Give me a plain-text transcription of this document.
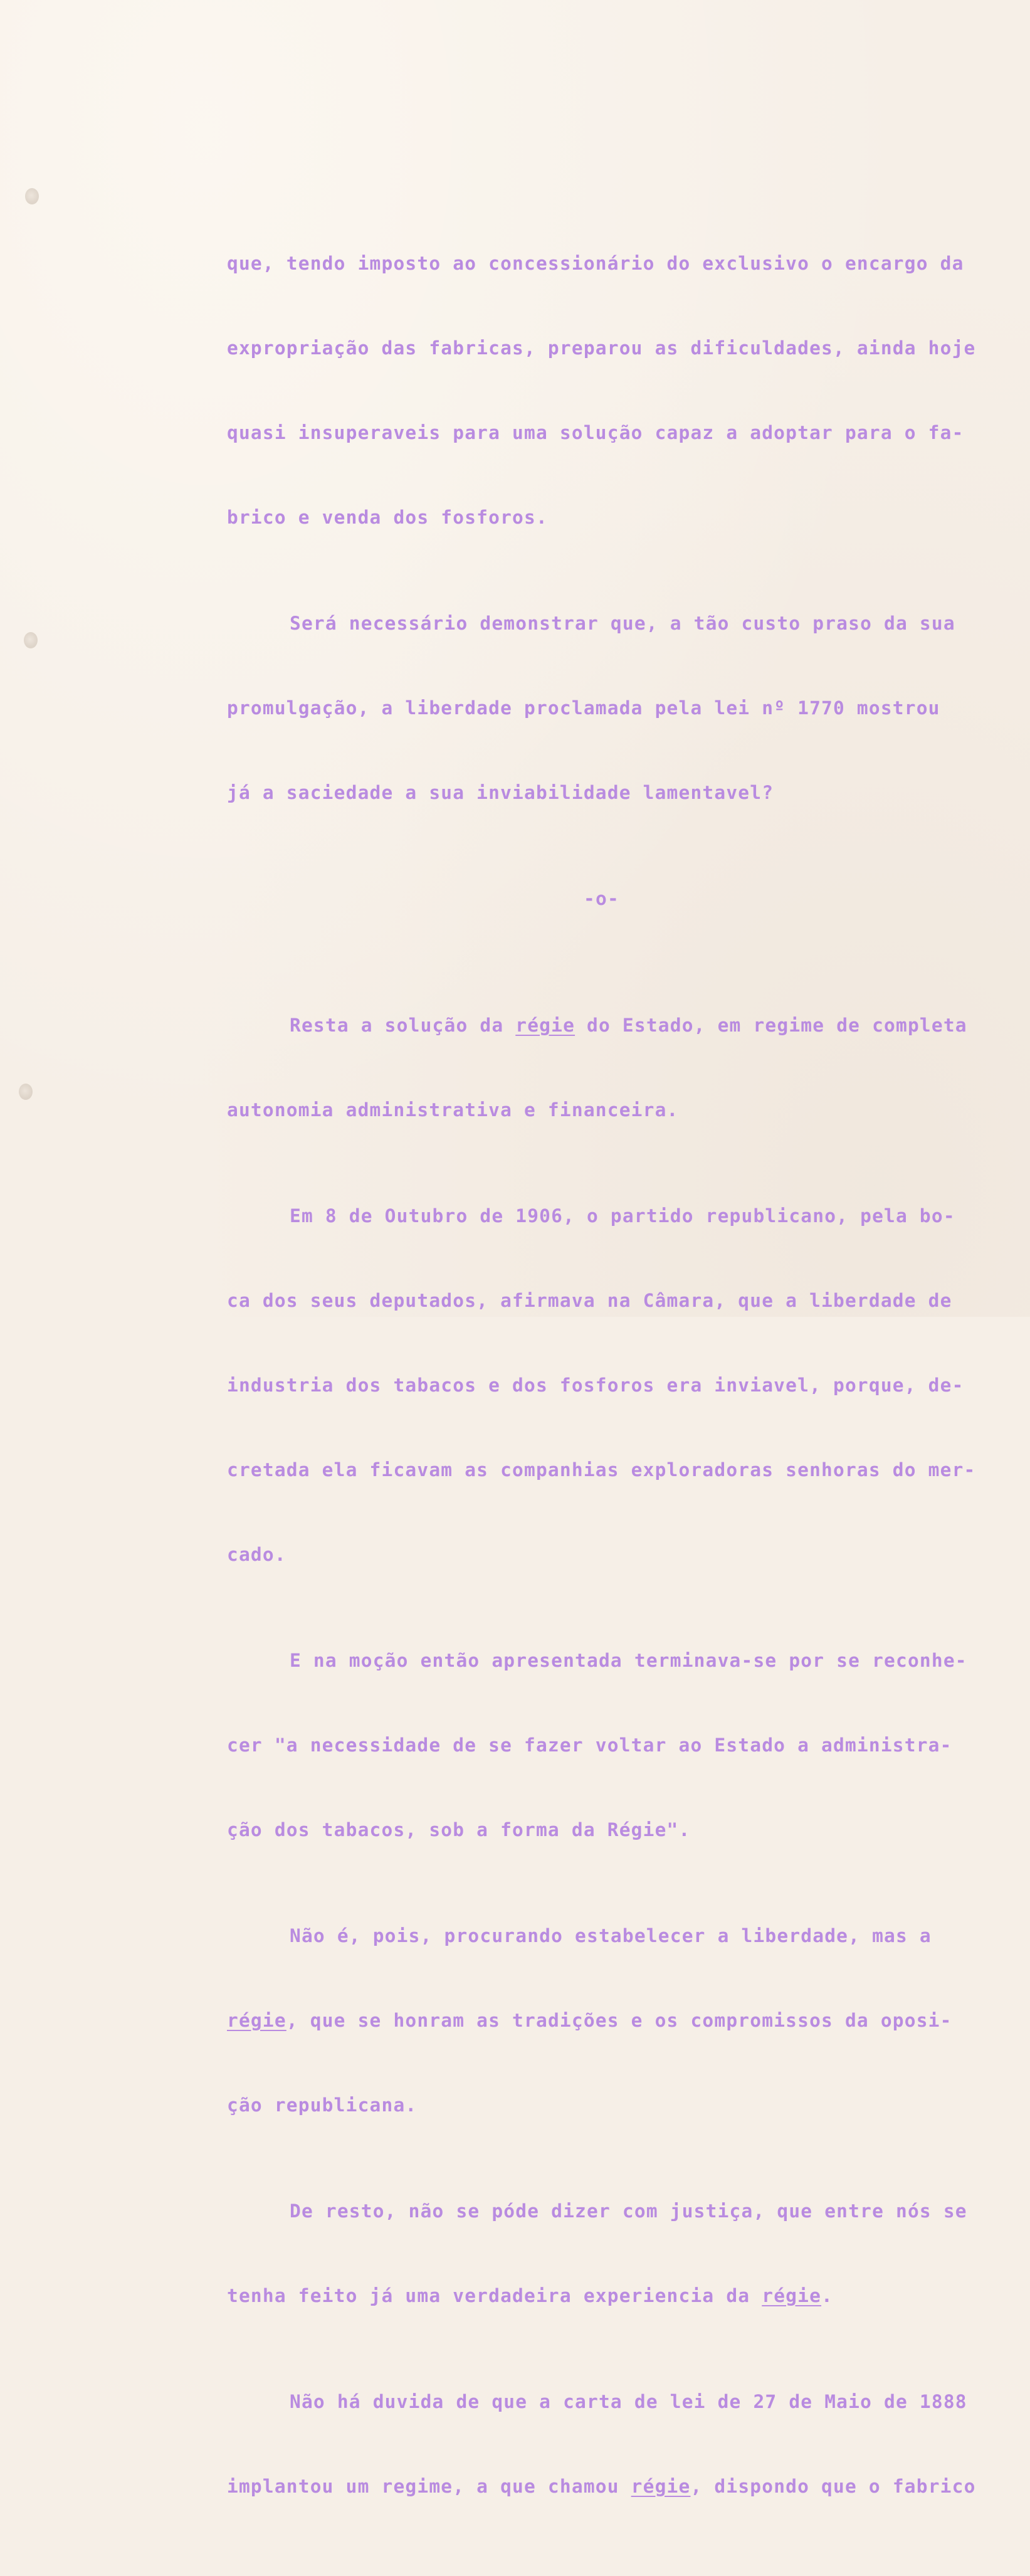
que, tendo imposto ao concessionário do exclusivo o encargo da

expropriação das fabricas, preparou as dificuldades, ainda hoje

quasi insuperaveis para uma solução capaz a adoptar para o fa-

brico e venda dos fosforos.

Será necessário demonstrar que, a tão custo praso da sua

promulgação, a liberdade proclamada pela lei nº 1770 mostrou

já a saciedade a sua inviabilidade lamentavel?

-o-

Resta a solução da régie do Estado, em regime de completa

autonomia administrativa e financeira.

Em 8 de Outubro de 1906, o partido republicano, pela bo-

ca dos seus deputados, afirmava na Câmara, que a liberdade de

industria dos tabacos e dos fosforos era inviavel, porque, de-

cretada ela ficavam as companhias exploradoras senhoras do mer-

cado.

E na moção então apresentada terminava-se por se reconhe-

cer "a necessidade de se fazer voltar ao Estado a administra-

ção dos tabacos, sob a forma da Régie".

Não é, pois, procurando estabelecer a liberdade, mas a

régie, que se honram as tradições e os compromissos da oposi-

ção republicana.

De resto, não se póde dizer com justiça, que entre nós se

tenha feito já uma verdadeira experiencia da régie.

Não há duvida de que a carta de lei de 27 de Maio de 1888

implantou um regime, a que chamou régie, dispondo que o fabrico
